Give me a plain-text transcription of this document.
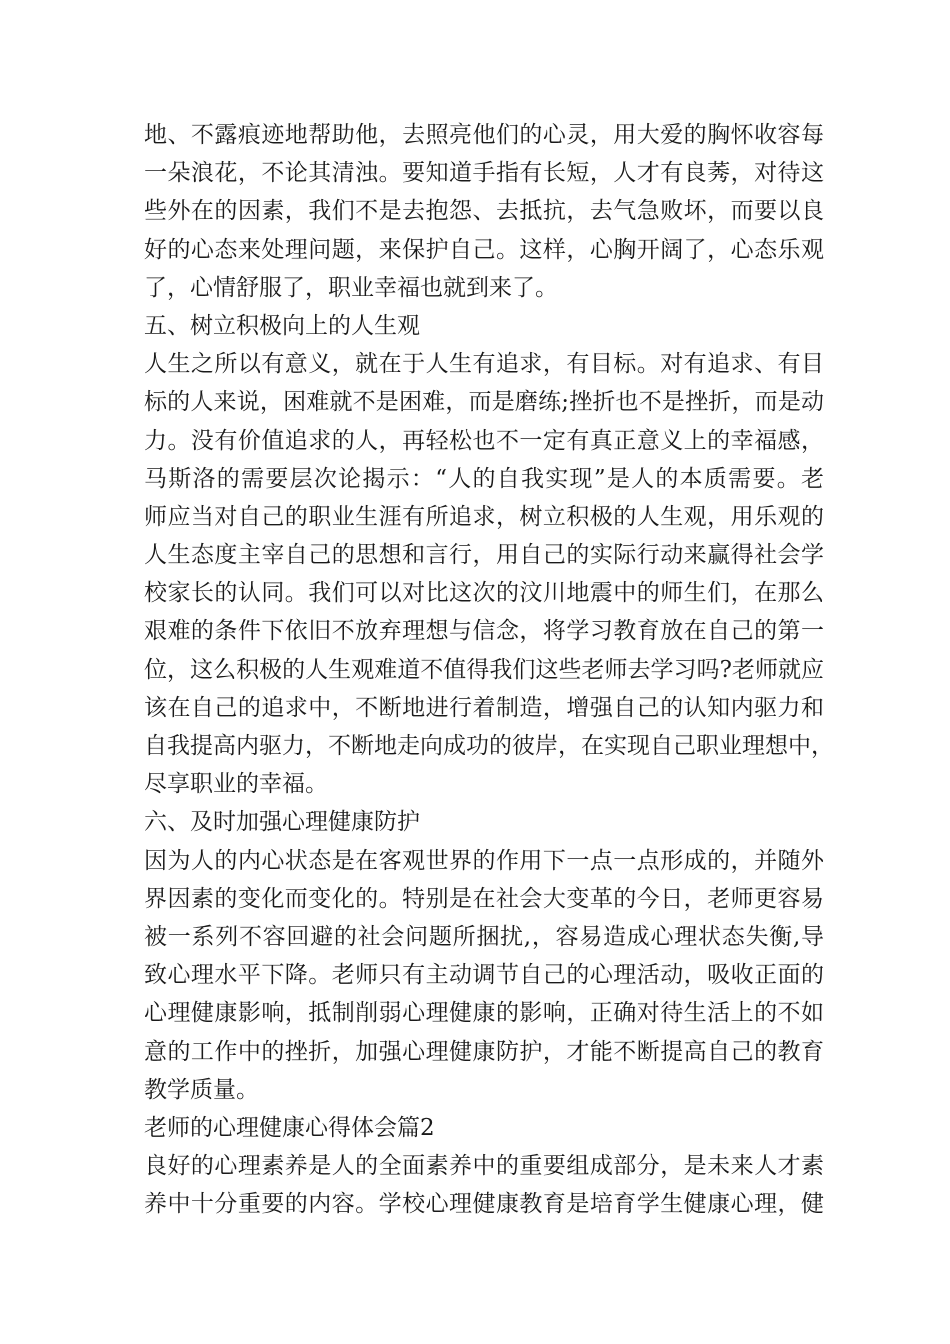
地、不露痕迹地帮助他，去照亮他们的心灵，用大爱的胸怀收容每
一朵浪花，不论其清浊。要知道手指有长短，人才有良莠，对待这
些外在的因素，我们不是去抱怨、去抵抗，去气急败坏，而要以良
好的心态来处理问题，来保护自己。这样，心胸开阔了，心态乐观
了，心情舒服了，职业幸福也就到来了。
五、树立积极向上的人生观
人生之所以有意义，就在于人生有追求，有目标。对有追求、有目
标的人来说，困难就不是困难，而是磨练;挫折也不是挫折，而是动
力。没有价值追求的人，再轻松也不一定有真正意义上的幸福感，
马斯洛的需要层次论揭示：“人的自我实现”是人的本质需要。老
师应当对自己的职业生涯有所追求，树立积极的人生观，用乐观的
人生态度主宰自己的思想和言行，用自己的实际行动来赢得社会学
校家长的认同。我们可以对比这次的汶川地震中的师生们，在那么
艰难的条件下依旧不放弃理想与信念，将学习教育放在自己的第一
位，这么积极的人生观难道不值得我们这些老师去学习吗?老师就应
该在自己的追求中，不断地进行着制造，增强自己的认知内驱力和
自我提高内驱力，不断地走向成功的彼岸，在实现自己职业理想中，
尽享职业的幸福。
六、及时加强心理健康防护
因为人的内心状态是在客观世界的作用下一点一点形成的，并随外
界因素的变化而变化的。特别是在社会大变革的今日，老师更容易
被一系列不容回避的社会问题所捆扰,，容易造成心理状态失衡,导
致心理水平下降。老师只有主动调节自己的心理活动，吸收正面的
心理健康影响，抵制削弱心理健康的影响，正确对待生活上的不如
意的工作中的挫折，加强心理健康防护，才能不断提高自己的教育
教学质量。
老师的心理健康心得体会篇2
良好的心理素养是人的全面素养中的重要组成部分，是未来人才素
养中十分重要的内容。学校心理健康教育是培育学生健康心理，健
